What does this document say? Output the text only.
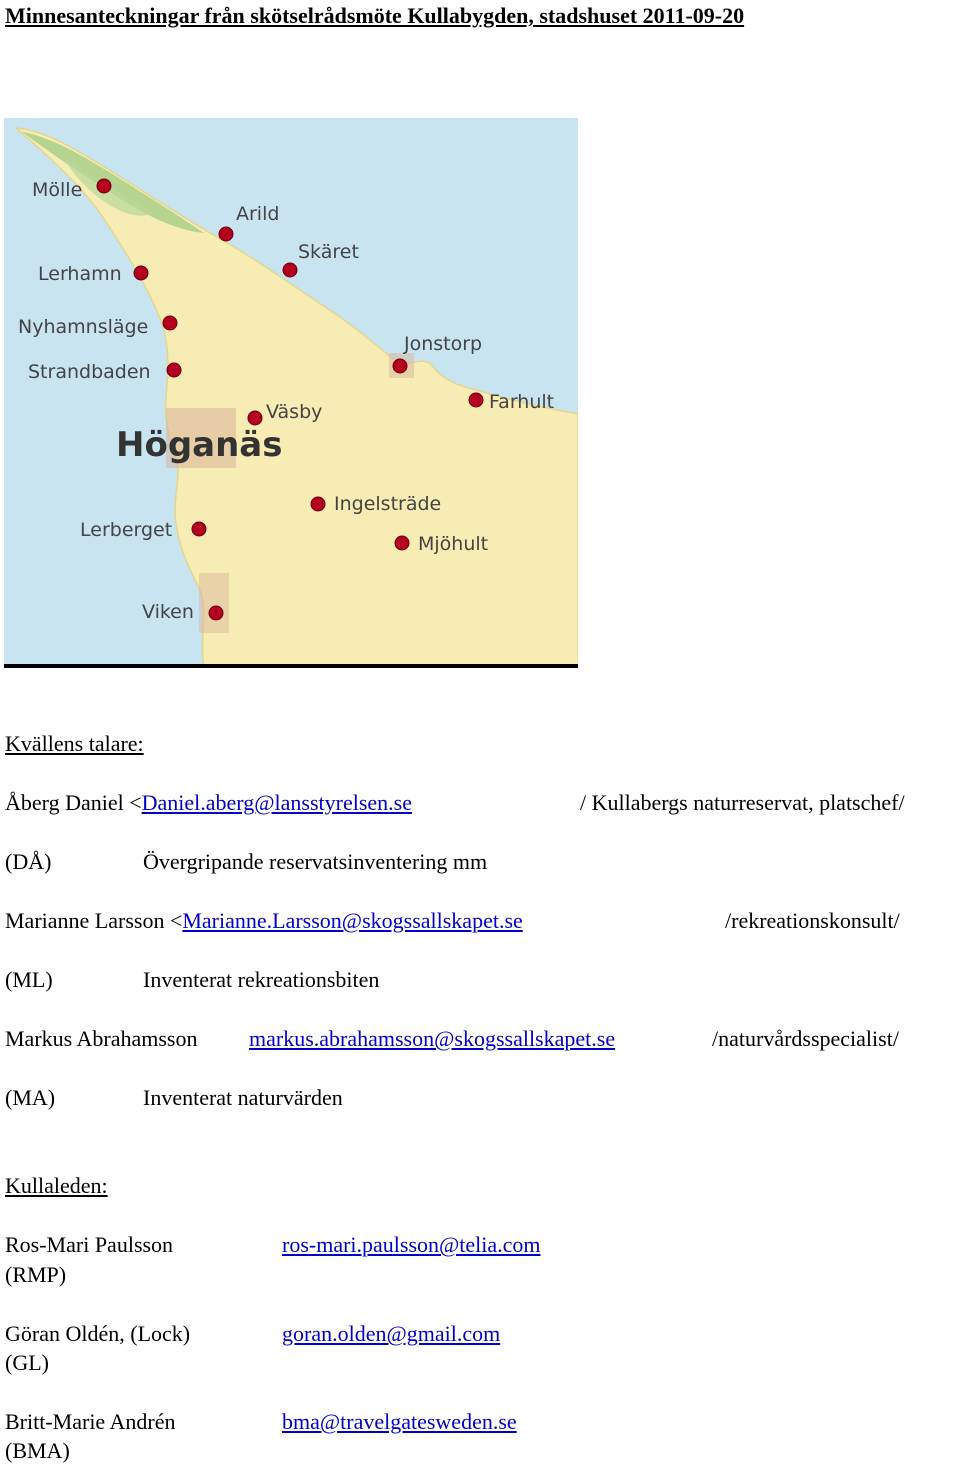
Minnesanteckningar från skötselrådsmöte Kullabygden, stadshuset 2011-09-20
Mölle
Arild
Skäret
Lerhamn
Nyhamnsläge
Strandbaden
Jonstorp
Farhult
Väsby
Ingelsträde
Lerberget
Mjöhult
Viken
Höganäs
Kvällens talare:
Åberg Daniel <Daniel.aberg@lansstyrelsen.se	/ Kullabergs naturreservat, platschef/
(DÅ)	Övergripande reservatsinventering mm
Marianne Larsson <Marianne.Larsson@skogssallskapet.se	/rekreationskonsult/
(ML)	Inventerat rekreationsbiten
Markus Abrahamsson markus.abrahamsson@skogssallskapet.se	/naturvårdsspecialist/
(MA)	Inventerat naturvärden
Kullaleden:
Ros-Mari Paulsson
(RMP)
ros-mari.paulsson@telia.com
Göran Oldén, (Lock)
(GL)
goran.olden@gmail.com
Britt-Marie Andrén
(BMA)
bma@travelgatesweden.se
